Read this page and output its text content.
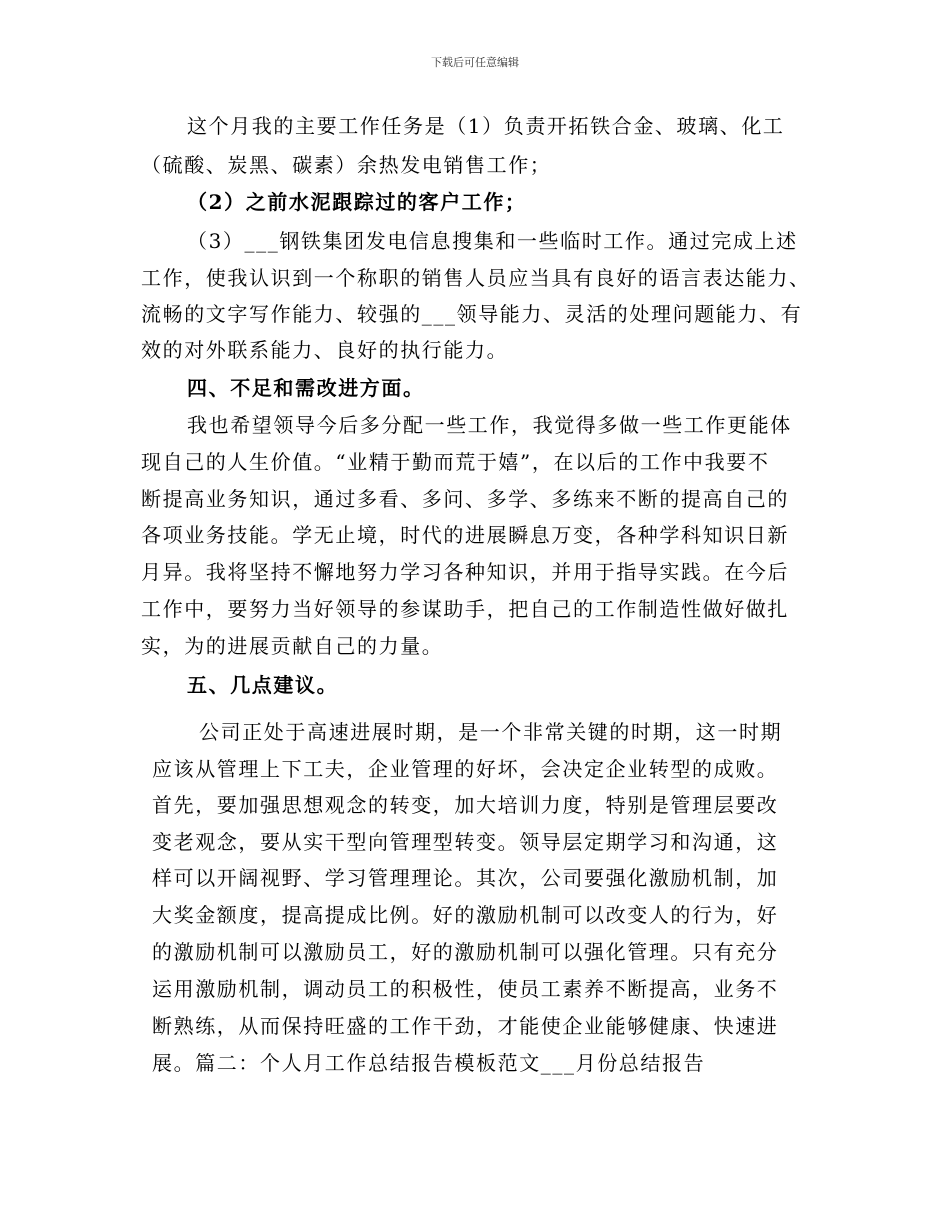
下载后可任意编辑
这个月我的主要工作任务是（1）负责开拓铁合金、玻璃、化工
（硫酸、炭黑、碳素）余热发电销售工作；
（2）之前水泥跟踪过的客户工作；
（3）___钢铁集团发电信息搜集和一些临时工作。通过完成上述
工作，使我认识到一个称职的销售人员应当具有良好的语言表达能力、
流畅的文字写作能力、较强的___领导能力、灵活的处理问题能力、有
效的对外联系能力、良好的执行能力。
四、不足和需改进方面。
我也希望领导今后多分配一些工作，我觉得多做一些工作更能体
现自己的人生价值。“业精于勤而荒于嬉”，在以后的工作中我要不
断提高业务知识，通过多看、多问、多学、多练来不断的提高自己的
各项业务技能。学无止境，时代的进展瞬息万变，各种学科知识日新
月异。我将坚持不懈地努力学习各种知识，并用于指导实践。在今后
工作中，要努力当好领导的参谋助手，把自己的工作制造性做好做扎
实，为的进展贡献自己的力量。
五、几点建议。
公司正处于高速进展时期，是一个非常关键的时期，这一时期
应该从管理上下工夫，企业管理的好坏，会决定企业转型的成败。
首先，要加强思想观念的转变，加大培训力度，特别是管理层要改
变老观念，要从实干型向管理型转变。领导层定期学习和沟通，这
样可以开阔视野、学习管理理论。其次，公司要强化激励机制，加
大奖金额度，提高提成比例。好的激励机制可以改变人的行为，好
的激励机制可以激励员工，好的激励机制可以强化管理。只有充分
运用激励机制，调动员工的积极性，使员工素养不断提高，业务不
断熟练，从而保持旺盛的工作干劲，才能使企业能够健康、快速进
展。篇二：个人月工作总结报告模板范文___月份总结报告
